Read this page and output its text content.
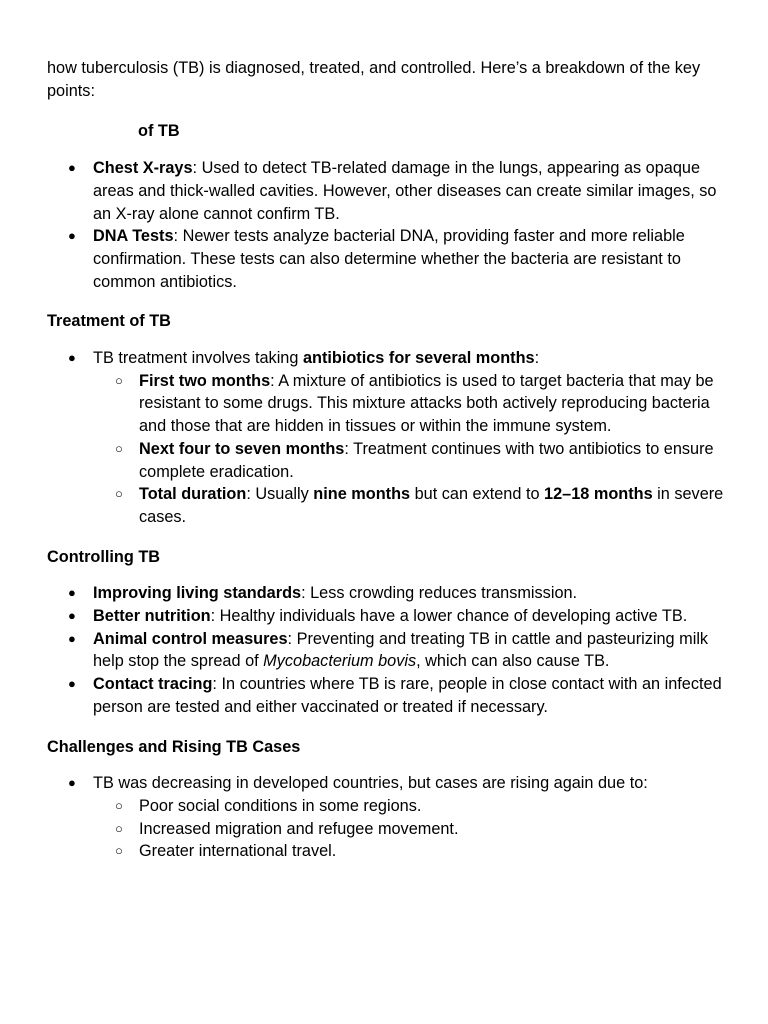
how tuberculosis (TB) is diagnosed, treated, and controlled. Here’s a breakdown of the key points:

of TB

● Chest X-rays: Used to detect TB-related damage in the lungs, appearing as opaque areas and thick-walled cavities. However, other diseases can create similar images, so an X-ray alone cannot confirm TB.
● DNA Tests: Newer tests analyze bacterial DNA, providing faster and more reliable confirmation. These tests can also determine whether the bacteria are resistant to common antibiotics.
Treatment of TB
● TB treatment involves taking antibiotics for several months:
○ First two months: A mixture of antibiotics is used to target bacteria that may be resistant to some drugs. This mixture attacks both actively reproducing bacteria and those that are hidden in tissues or within the immune system.
○ Next four to seven months: Treatment continues with two antibiotics to ensure complete eradication.
○ Total duration: Usually nine months but can extend to 12–18 months in severe cases.
Controlling TB
● Improving living standards: Less crowding reduces transmission.
● Better nutrition: Healthy individuals have a lower chance of developing active TB.
● Animal control measures: Preventing and treating TB in cattle and pasteurizing milk help stop the spread of Mycobacterium bovis, which can also cause TB.
● Contact tracing: In countries where TB is rare, people in close contact with an infected person are tested and either vaccinated or treated if necessary.
Challenges and Rising TB Cases
● TB was decreasing in developed countries, but cases are rising again due to:
○ Poor social conditions in some regions.
○ Increased migration and refugee movement.
○ Greater international travel.
